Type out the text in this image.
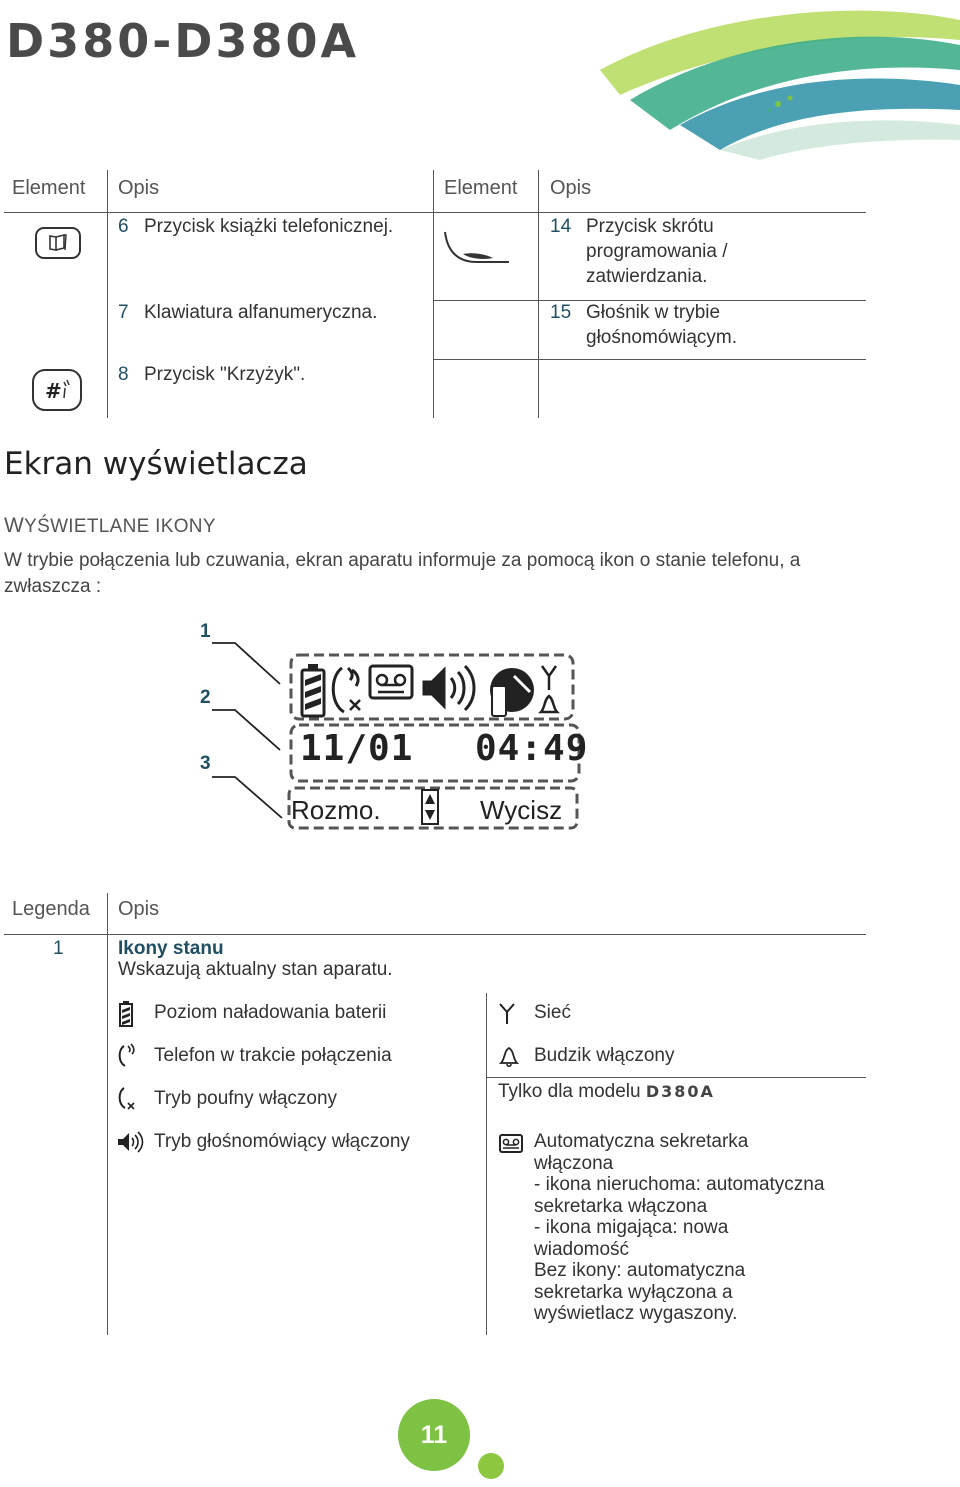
D380-D380A
Element Opis	Element Opis
6 Przycisk książki telefonicznej.
7 Klawiatura alfanumeryczna.
#
8 Przycisk "Krzyżyk".
14 Przycisk skrótu
programowania /
zatwierdzania.
15 Głośnik w trybie
głośnomówiącym.
Ekran wyświetlacza
WYŚWIETLANE IKONY
W trybie połączenia lub czuwania, ekran aparatu informuje za pomocą ikon o stanie telefonu, a zwłaszcza :
1
2
3 11/01 04:49
Rozmo.	Wycisz
Legenda Opis
1	Ikony stanu
Wskazują aktualny stan aparatu.
Poziom naładowania baterii
Telefon w trakcie połączenia
Tryb poufny włączony
Tryb głośnomówiący włączony
Sieć
Budzik włączony
Tylko dla modelu D380A
Automatyczna sekretarka
włączona
- ikona nieruchoma: automatyczna
sekretarka włączona
- ikona migająca: nowa
wiadomość
Bez ikony: automatyczna
sekretarka wyłączona a
wyświetlacz wygaszony.
11
